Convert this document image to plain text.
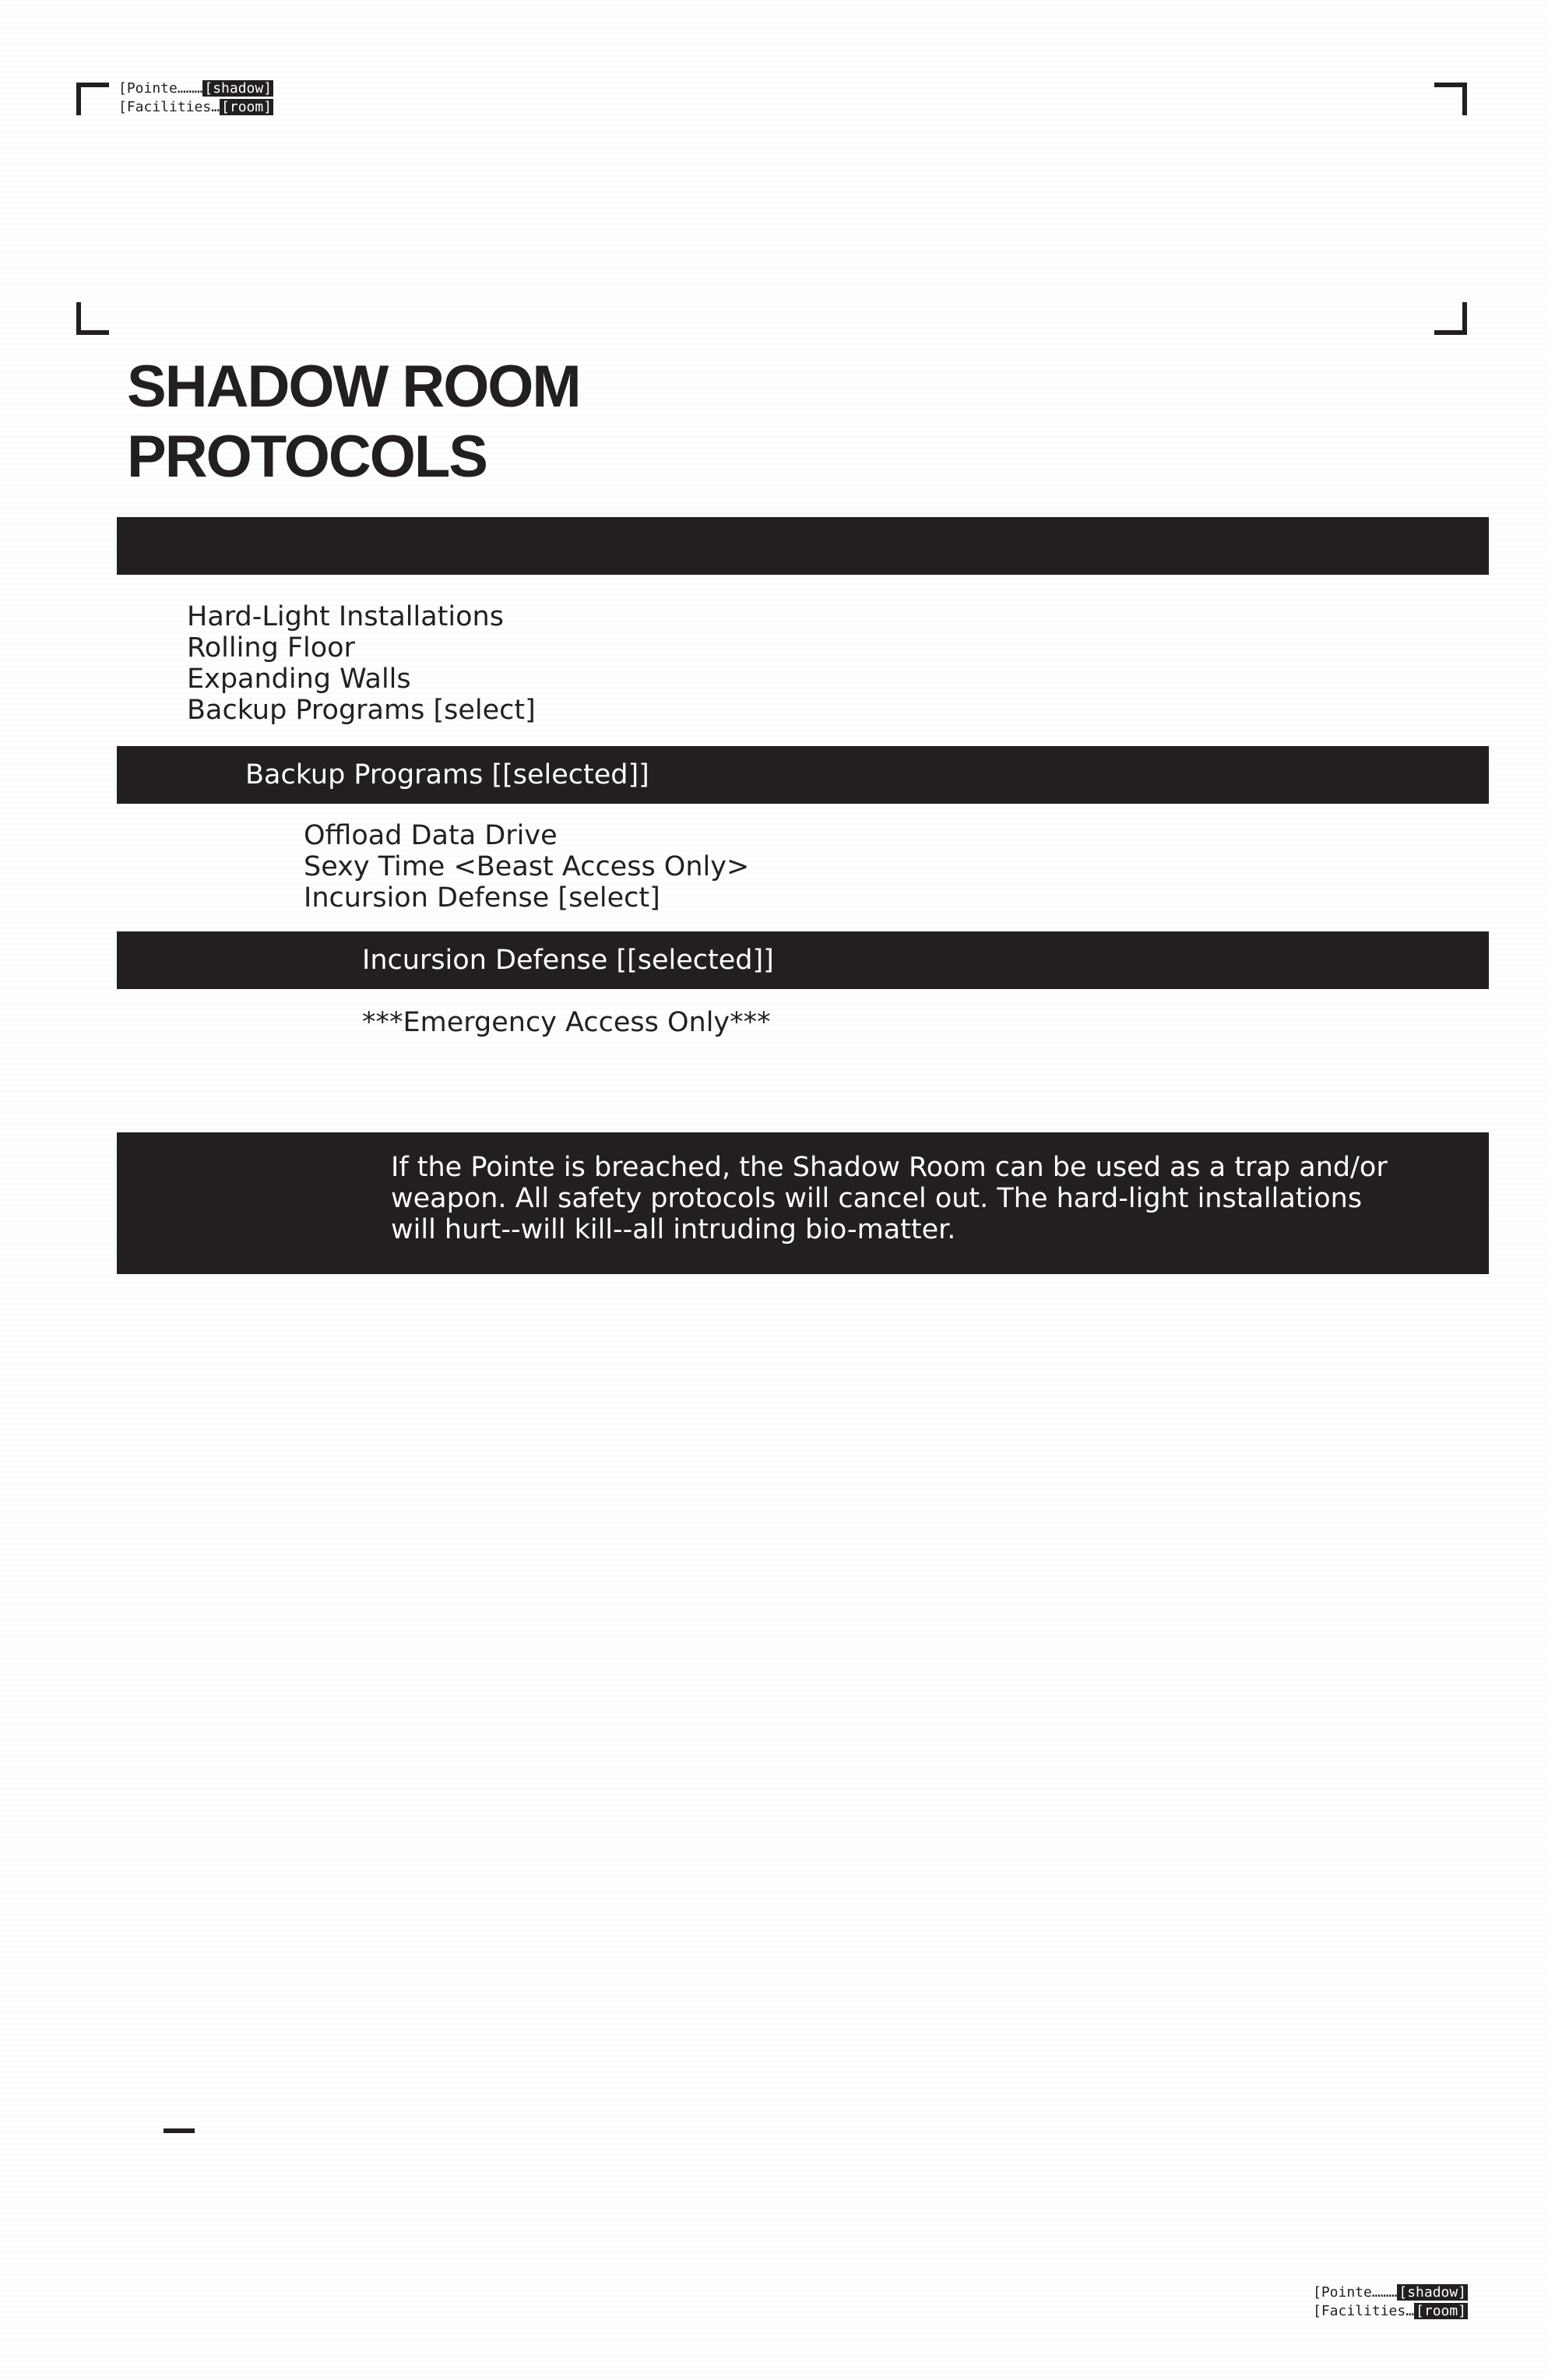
[Pointe……… [shadow]
[Facilities… [room]
SHADOW ROOM
PROTOCOLS
Hard-Light Installations
Rolling Floor
Expanding Walls
Backup Programs [select]
Backup Programs [[selected]]
Offload Data Drive
Sexy Time <Beast Access Only>
Incursion Defense [select]
Incursion Defense [[selected]]
***Emergency Access Only***
If the Pointe is breached, the Shadow Room can be used as a trap and/or weapon. All safety protocols will cancel out. The hard-light installations will hurt--will kill--all intruding bio-matter.
[Pointe……… [shadow]
[Facilities… [room]
